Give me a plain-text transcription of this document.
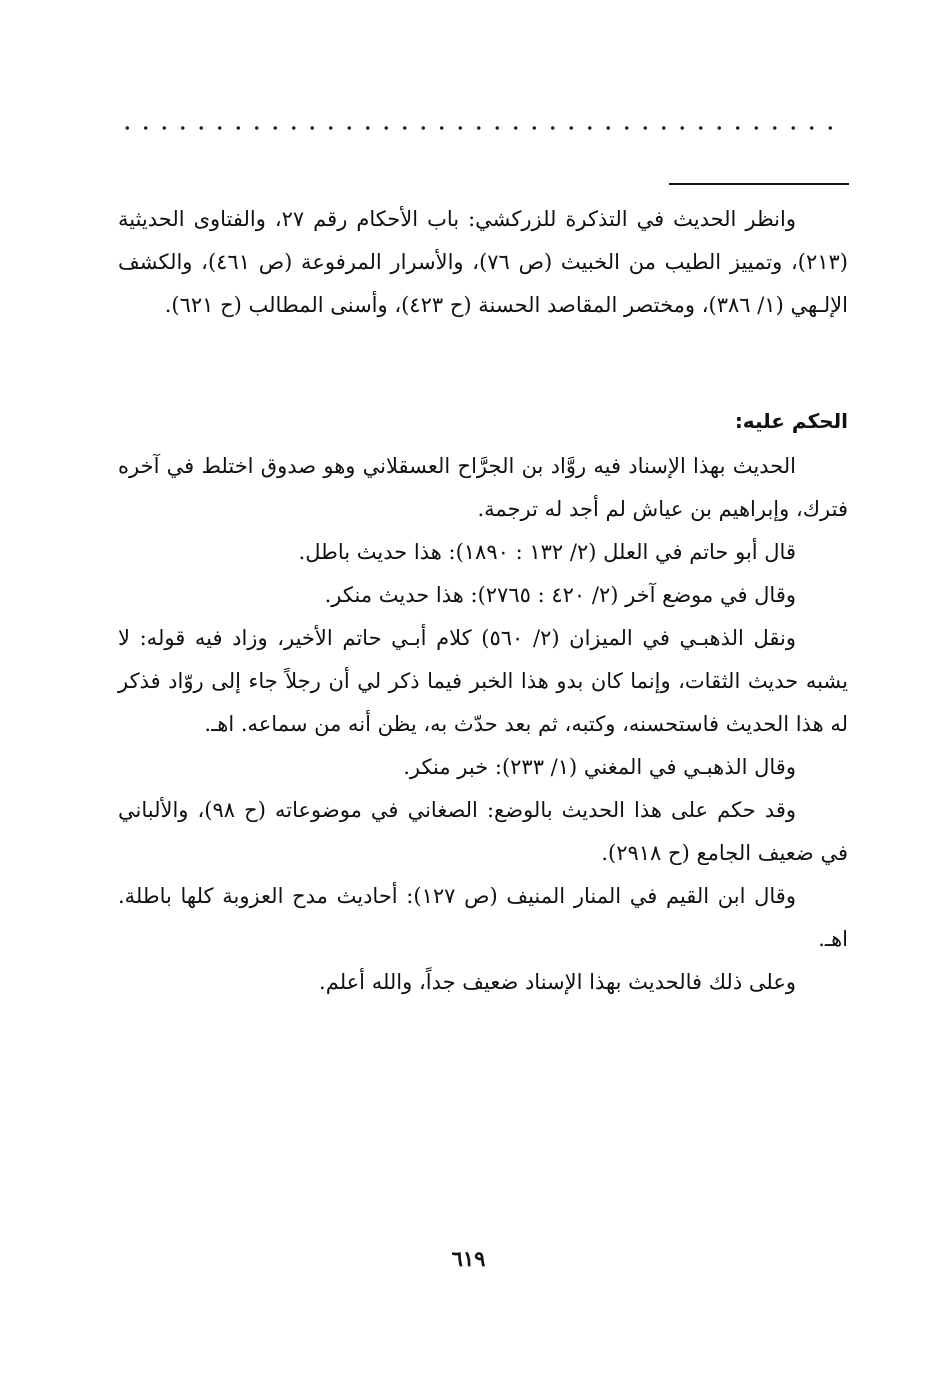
وانظر الحديث في التذكرة للزركشي: باب الأحكام رقم ٢٧، والفتاوى الحديثية (٢١٣)، وتمييز الطيب من الخبيث (ص ٧٦)، والأسرار المرفوعة (ص ٤٦١)، والكشف الإلـهي (١/ ٣٨٦)، ومختصر المقاصد الحسنة (ح ٤٢٣)، وأسنى المطالب (ح ٦٢١).

الحكم عليه:

الحديث بهذا الإسناد فيه روَّاد بن الجرَّاح العسقلاني وهو صدوق اختلط في آخره فترك، وإبراهيم بن عياش لم أجد له ترجمة.

قال أبو حاتم في العلل (٢/ ١٣٢ : ١٨٩٠): هذا حديث باطل.

وقال في موضع آخر (٢/ ٤٢٠ : ٢٧٦٥): هذا حديث منكر.

ونقل الذهبـي في الميزان (٢/ ٥٦٠) كلام أبـي حاتم الأخير، وزاد فيه قوله: لا يشبه حديث الثقات، وإنما كان بدو هذا الخبر فيما ذكر لي أن رجلاً جاء إلى روّاد فذكر له هذا الحديث فاستحسنه، وكتبه، ثم بعد حدّث به، يظن أنه من سماعه. اهـ.

وقال الذهبـي في المغني (١/ ٢٣٣): خبر منكر.

وقد حكم على هذا الحديث بالوضع: الصغاني في موضوعاته (ح ٩٨)، والألباني في ضعيف الجامع (ح ٢٩١٨).

وقال ابن القيم في المنار المنيف (ص ١٢٧): أحاديث مدح العزوبة كلها باطلة. اهـ.

وعلى ذلك فالحديث بهذا الإسناد ضعيف جداً، والله أعلم.

٦١٩
